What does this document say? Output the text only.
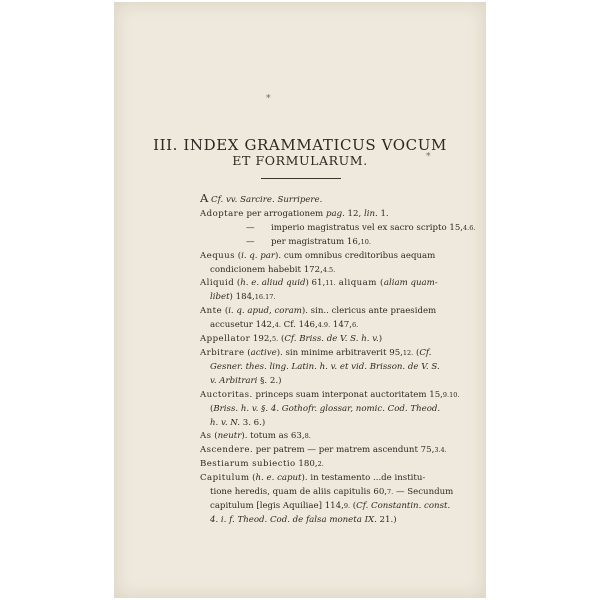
*
*
III. INDEX GRAMMATICUS VOCUM
ET FORMULARUM.
A Cf. vv. Sarcire. Surripere.
Adoptare per arrogationem pag. 12, lin. 1.
—      imperio magistratus vel ex sacro scripto 15,4.6.
—      per magistratum 16,10.
Aequus (i. q. par). cum omnibus creditoribus aequam
condicionem habebit 172,4.5.
Aliquid (h. e. aliud quid) 61,11. aliquam (aliam quam-
libet) 184,16.17.
Ante (i. q. apud, coram). sin.. clericus ante praesidem
accusetur 142,4. Cf. 146,4.9. 147,6.
Appellator 192,5. (Cf. Briss. de V. S. h. v.)
Arbitrare (active). sin minime arbitraverit 95,12. (Cf.
Gesner. thes. ling. Latin. h. v. et vid. Brisson. de V. S.
v. Arbitrari §. 2.)
Auctoritas. princeps suam interponat auctoritatem 15,9.10.
(Briss. h. v. §. 4. Gothofr. glossar, nomic. Cod. Theod.
h. v. N. 3. 6.)
As (neutr). totum as 63,8.
Ascendere. per patrem — per matrem ascendunt 75,3.4.
Bestiarum subiectio 180,2.
Capitulum (h. e. caput). in testamento ...de institu-
tione heredis, quam de aliis capitulis 60,7. — Secundum
capitulum [legis Aquiliae] 114,9. (Cf. Constantin. const.
4. i. f. Theod. Cod. de falsa moneta IX. 21.)
